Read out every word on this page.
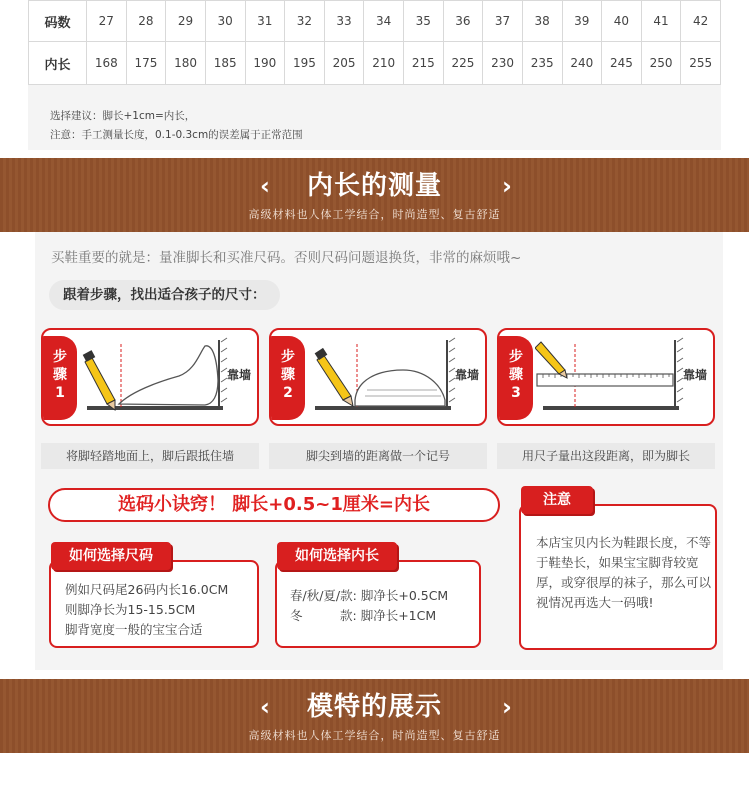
码数	27	28	29	30	31	32	33	34	35	36	37	38	39	40	41	42
内长	168	175	180	185	190	195	205	210	215	225	230	235	240	245	250	255
选择建议：脚长+1cm=内长，
注意：手工测量长度，0.1-0.3cm的误差属于正常范围
‹	内长的测量	›
高级材料也人体工学结合，时尚造型、复古舒适
买鞋重要的就是：量准脚长和买准尺码。否则尺码问题退换货，非常的麻烦哦~
跟着步骤，找出适合孩子的尺寸：
步
骤
1
靠墙
将脚轻踏地面上，脚后跟抵住墙
步
骤
2
靠墙
脚尖到墙的距离做一个记号
步
骤
3
靠墙
用尺子量出这段距离，即为脚长
选码小诀窍！ 脚长+0.5~1厘米=内长
例如尺码尾26码内长16.0CM
则脚净长为15-15.5CM
脚背宽度一般的宝宝合适
如何选择尺码
春/秋/夏/款: 脚净长+0.5CM
冬　　　款: 脚净长+1CM
如何选择内长
本店宝贝内长为鞋跟长度，不等于鞋垫长，如果宝宝脚背较宽厚，或穿很厚的袜子，那么可以视情况再选大一码哦!
注意
‹	模特的展示	›
高级材料也人体工学结合，时尚造型、复古舒适
